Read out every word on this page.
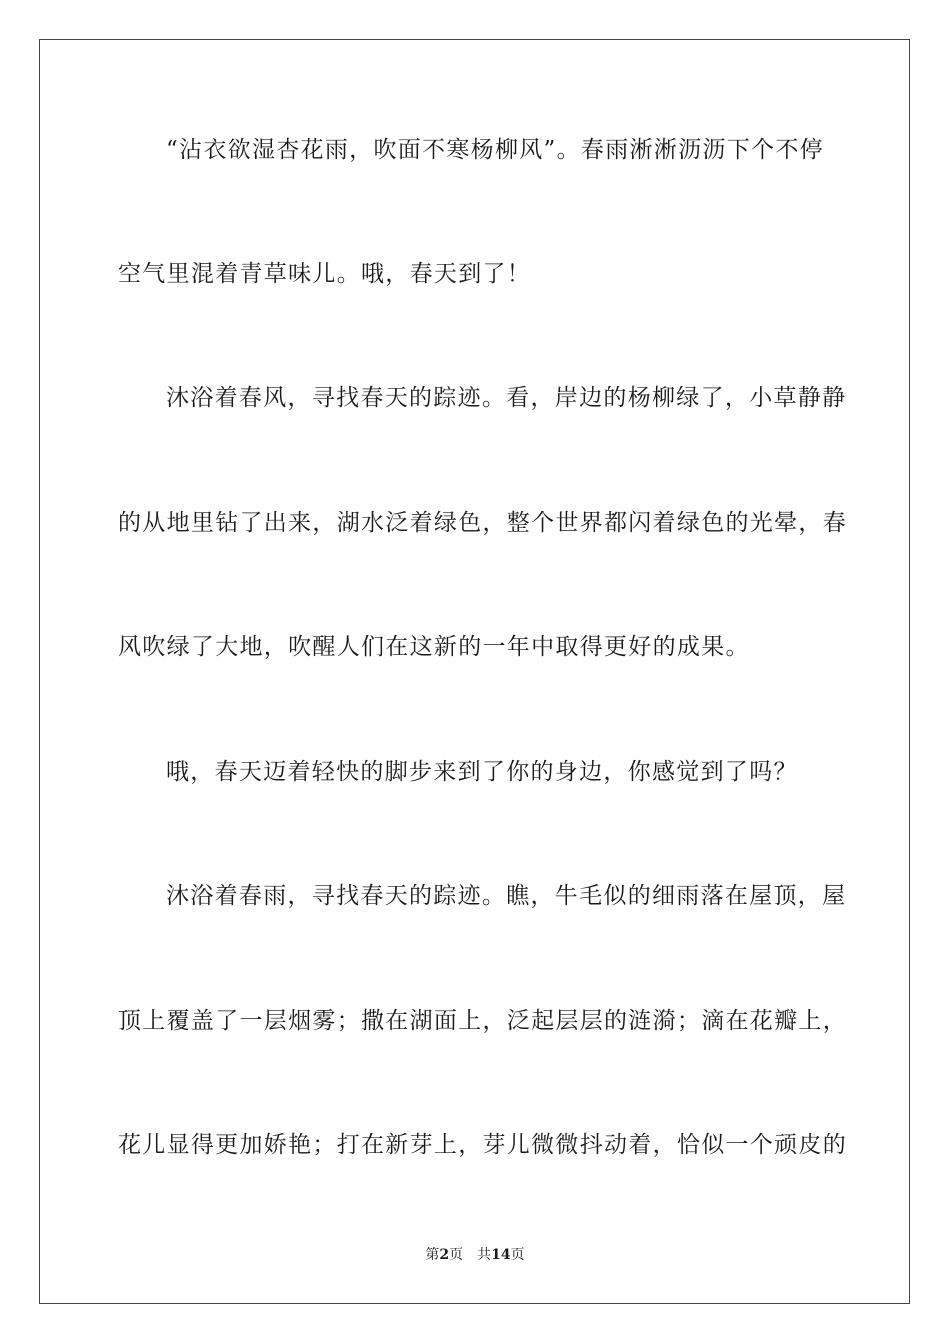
“沾衣欲湿杏花雨，吹面不寒杨柳风”。春雨淅淅沥沥下个不停
空气里混着青草味儿。哦，春天到了！
沐浴着春风，寻找春天的踪迹。看，岸边的杨柳绿了，小草静静
的从地里钻了出来，湖水泛着绿色，整个世界都闪着绿色的光晕，春
风吹绿了大地，吹醒人们在这新的一年中取得更好的成果。
哦，春天迈着轻快的脚步来到了你的身边，你感觉到了吗？
沐浴着春雨，寻找春天的踪迹。瞧，牛毛似的细雨落在屋顶，屋
顶上覆盖了一层烟雾；撒在湖面上，泛起层层的涟漪；滴在花瓣上，
花儿显得更加娇艳；打在新芽上，芽儿微微抖动着，恰似一个顽皮的
第2页　共14页
